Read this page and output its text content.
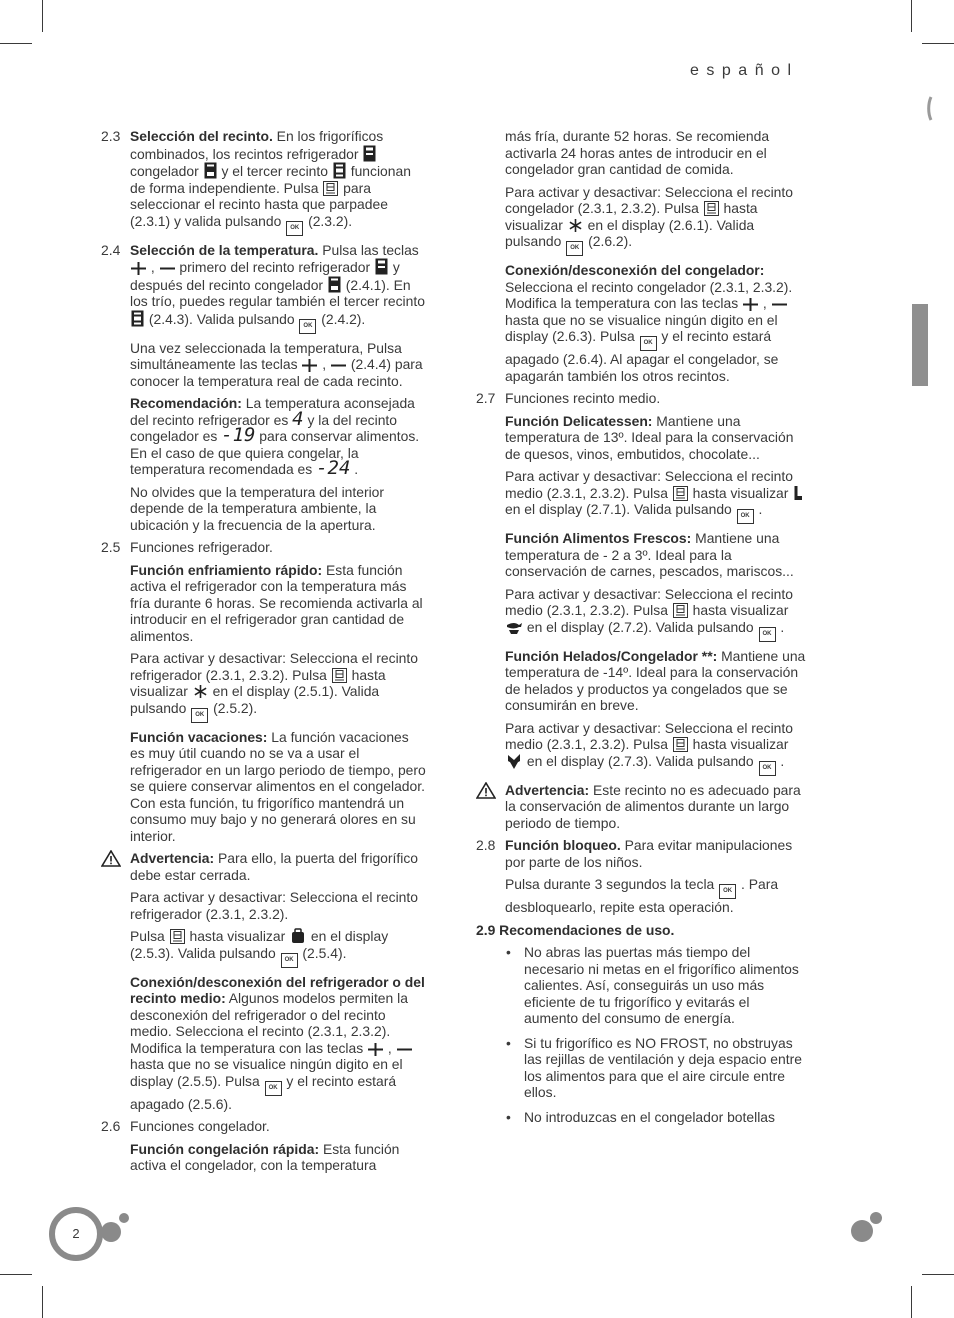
español
2.3 Selección del recinto. En los frigoríficos combinados, los recintos refrigerador  congelador  y el tercer recinto  funcionan de forma independiente. Pulsa  para seleccionar el recinto hasta que parpadee (2.3.1) y valida pulsando OK (2.3.2).
2.4 Selección de la temperatura. Pulsa las teclas  ,  primero del recinto refrigerador  y después del recinto congelador  (2.4.1). En los trío, puedes regular también el tercer recinto  (2.4.3). Valida pulsando OK (2.4.2).
Una vez seleccionada la temperatura, Pulsa simultáneamente las teclas  ,  (2.4.4) para conocer la temperatura real de cada recinto.
Recomendación: La temperatura aconsejada del recinto refrigerador es 4 y la del recinto congelador es -19 para conservar alimentos. En el caso de que quiera congelar, la temperatura recomendada es -24 .
No olvides que la temperatura del interior depende de la temperatura ambiente, la ubicación y la frecuencia de la apertura.
2.5 Funciones refrigerador.
Función enfriamiento rápido: Esta función activa el refrigerador con la temperatura más fría durante 6 horas. Se recomienda activarla al introducir en el refrigerador gran cantidad de alimentos.
Para activar y desactivar: Selecciona el recinto refrigerador (2.3.1, 2.3.2). Pulsa  hasta visualizar  en el display (2.5.1). Valida pulsando OK (2.5.2).
Función vacaciones: La función vacaciones es muy útil cuando no se va a usar el refrigerador en un largo periodo de tiempo, pero se quiere conservar alimentos en el congelador. Con esta función, tu frigorífico mantendrá un consumo muy bajo y no generará olores en su interior.
Advertencia: Para ello, la puerta del frigorífico debe estar cerrada.
Para activar y desactivar: Selecciona el recinto refrigerador (2.3.1, 2.3.2).
Pulsa  hasta visualizar  en el display (2.5.3). Valida pulsando OK (2.5.4).
Conexión/desconexión del refrigerador o del recinto medio: Algunos modelos permiten la desconexión del refrigerador o del recinto medio. Selecciona el recinto (2.3.1, 2.3.2). Modifica la temperatura con las teclas  ,  hasta que no se visualice ningún digito en el display (2.5.5). Pulsa OK y el recinto estará apagado (2.5.6).
2.6 Funciones congelador.
Función congelación rápida: Esta función activa el congelador, con la temperatura
más fría, durante 52 horas. Se recomienda activarla 24 horas antes de introducir en el congelador gran cantidad de comida.
Para activar y desactivar: Selecciona el recinto congelador (2.3.1, 2.3.2). Pulsa  hasta visualizar  en el display (2.6.1). Valida pulsando OK (2.6.2).
Conexión/desconexión del congelador: Selecciona el recinto congelador (2.3.1, 2.3.2). Modifica la temperatura con las teclas  ,  hasta que no se visualice ningún digito en el display (2.6.3). Pulsa OK y el recinto estará apagado (2.6.4). Al apagar el congelador, se apagarán también los otros recintos.
2.7 Funciones recinto medio.
Función Delicatessen: Mantiene una temperatura de 13º. Ideal para la conservación de quesos, vinos, embutidos, chocolate...
Para activar y desactivar: Selecciona el recinto medio (2.3.1, 2.3.2). Pulsa  hasta visualizar  en el display (2.7.1). Valida pulsando OK .
Función Alimentos Frescos: Mantiene una temperatura de - 2 a 3º. Ideal para la conservación de carnes, pescados, mariscos...
Para activar y desactivar: Selecciona el recinto medio (2.3.1, 2.3.2). Pulsa  hasta visualizar  en el display (2.7.2). Valida pulsando OK .
Función Helados/Congelador **: Mantiene una temperatura de -14º. Ideal para la conservación de helados y productos ya congelados que se consumirán en breve.
Para activar y desactivar: Selecciona el recinto medio (2.3.1, 2.3.2). Pulsa  hasta visualizar  en el display (2.7.3). Valida pulsando OK .
Advertencia: Este recinto no es adecuado para la conservación de alimentos durante un largo periodo de tiempo.
2.8 Función bloqueo. Para evitar manipulaciones por parte de los niños.
Pulsa durante 3 segundos la tecla OK . Para desbloquearlo, repite esta operación.
2.9 Recomendaciones de uso.
• No abras las puertas más tiempo del necesario ni metas en el frigorífico alimentos calientes. Así, conseguirás un uso más eficiente de tu frigorífico y evitarás el aumento del consumo de energía.
• Si tu frigorífico es NO FROST, no obstruyas las rejillas de ventilación y deja espacio entre los alimentos para que el aire circule entre ellos.
• No introduzcas en el congelador botellas
2
